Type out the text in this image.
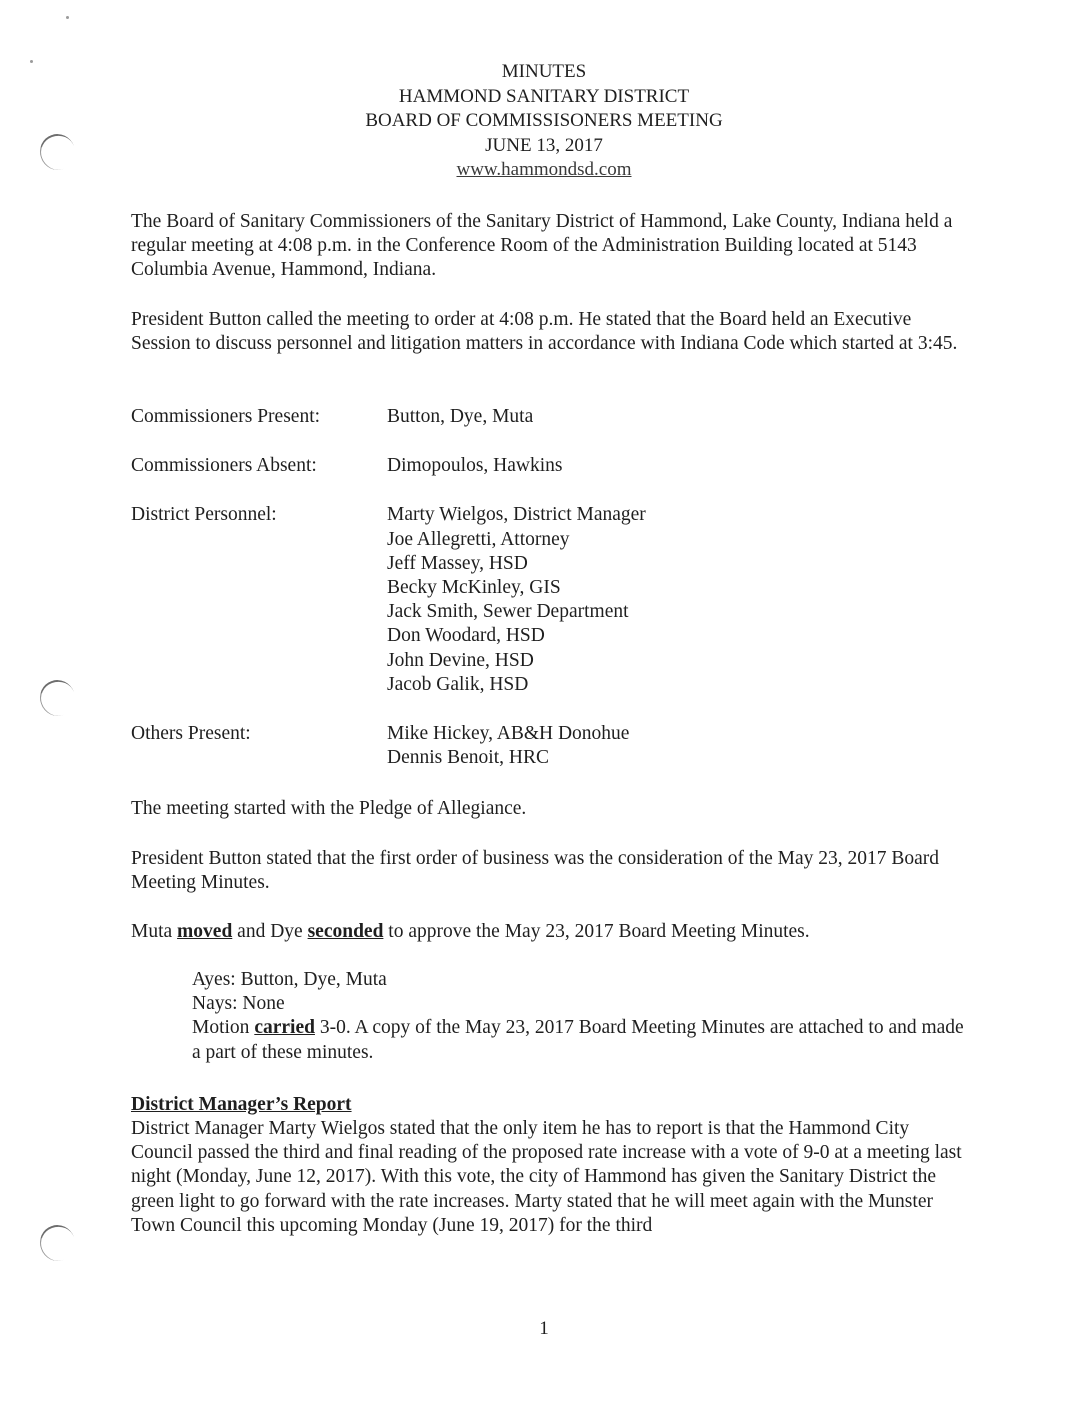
MINUTES
HAMMOND SANITARY DISTRICT
BOARD OF COMMISSISONERS MEETING
JUNE 13, 2017
www.hammondsd.com

The Board of Sanitary Commissioners of the Sanitary District of Hammond, Lake County, Indiana held a regular meeting at 4:08 p.m. in the Conference Room of the Administration Building located at 5143 Columbia Avenue, Hammond, Indiana.

President Button called the meeting to order at 4:08 p.m. He stated that the Board held an Executive Session to discuss personnel and litigation matters in accordance with Indiana Code which started at 3:45.

Commissioners Present:	Button, Dye, Muta
Commissioners Absent:	Dimopoulos, Hawkins
District Personnel:	Marty Wielgos, District Manager
Joe Allegretti, Attorney
Jeff Massey, HSD
Becky McKinley, GIS
Jack Smith, Sewer Department
Don Woodard, HSD
John Devine, HSD
Jacob Galik, HSD
Others Present:	Mike Hickey, AB&H Donohue
Dennis Benoit, HRC

The meeting started with the Pledge of Allegiance.

President Button stated that the first order of business was the consideration of the May 23, 2017 Board Meeting Minutes.

Muta moved and Dye seconded to approve the May 23, 2017 Board Meeting Minutes.

Ayes: Button, Dye, Muta
Nays: None
Motion carried 3-0. A copy of the May 23, 2017 Board Meeting Minutes are attached to and made a part of these minutes.
District Manager’s Report

District Manager Marty Wielgos stated that the only item he has to report is that the Hammond City Council passed the third and final reading of the proposed rate increase with a vote of 9-0 at a meeting last night (Monday, June 12, 2017). With this vote, the city of Hammond has given the Sanitary District the green light to go forward with the rate increases. Marty stated that he will meet again with the Munster Town Council this upcoming Monday (June 19, 2017) for the third

1
